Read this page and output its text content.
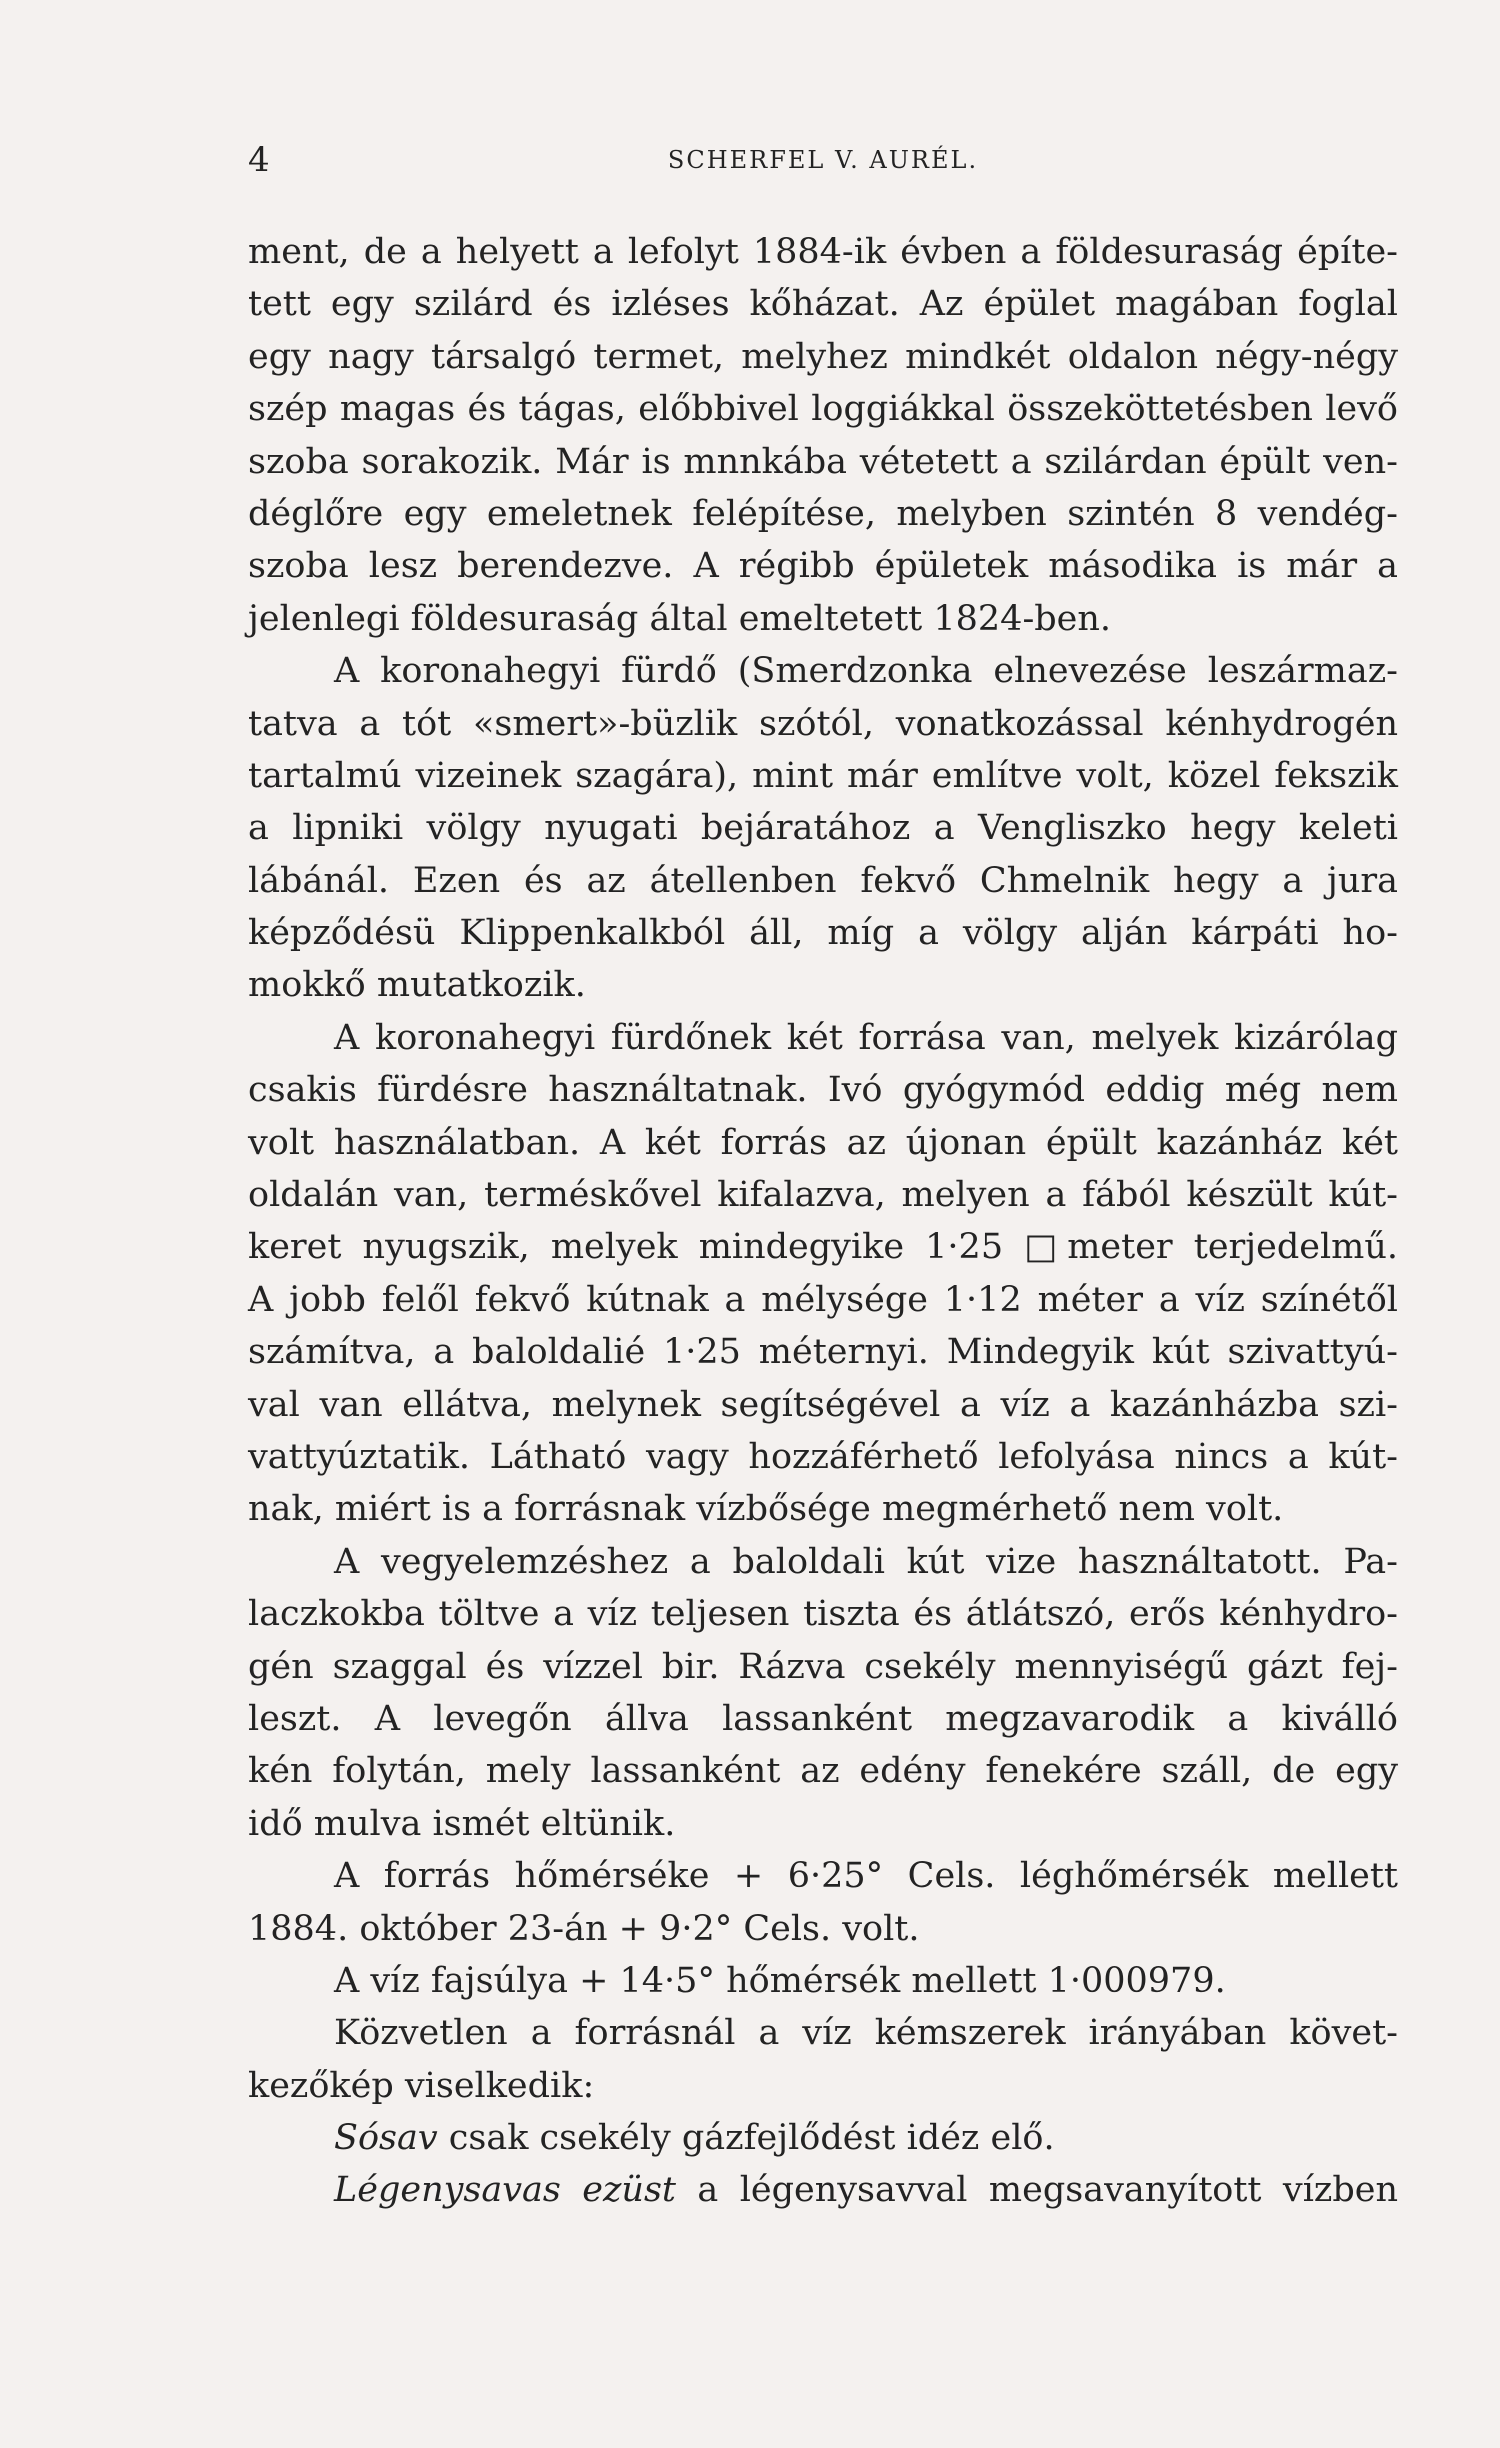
4	SCHERFEL V. AURÉL.
ment, de a helyett a lefolyt 1884-ik évben a földesuraság építe-
tett egy szilárd és izléses kőházat. Az épület magában foglal
egy nagy társalgó termet, melyhez mindkét oldalon négy-négy
szép magas és tágas, előbbivel loggiákkal összeköttetésben levő
szoba sorakozik. Már is mnnkába vétetett a szilárdan épült ven-
déglőre egy emeletnek felépítése, melyben szintén 8 vendég-
szoba lesz berendezve. A régibb épületek másodika is már a
jelenlegi földesuraság által emeltetett 1824-ben.
A koronahegyi fürdő (Smerdzonka elnevezése leszármaz-
tatva a tót «smert»-büzlik szótól, vonatkozással kénhydrogén
tartalmú vizeinek szagára), mint már említve volt, közel fekszik
a lipniki völgy nyugati bejáratához a Vengliszko hegy keleti
lábánál. Ezen és az átellenben fekvő Chmelnik hegy a jura
képződésü Klippenkalkból áll, míg a völgy alján kárpáti ho-
mokkő mutatkozik.
A koronahegyi fürdőnek két forrása van, melyek kizárólag
csakis fürdésre használtatnak. Ivó gyógymód eddig még nem
volt használatban. A két forrás az újonan épült kazánház két
oldalán van, terméskővel kifalazva, melyen a fából készült kút-
keret nyugszik, melyek mindegyike 1·25 □meter terjedelmű.
A jobb felől fekvő kútnak a mélysége 1·12 méter a víz színétől
számítva, a baloldalié 1·25 méternyi. Mindegyik kút szivattyú-
val van ellátva, melynek segítségével a víz a kazánházba szi-
vattyúztatik. Látható vagy hozzáférhető lefolyása nincs a kút-
nak, miért is a forrásnak vízbősége megmérhető nem volt.
A vegyelemzéshez a baloldali kút vize használtatott. Pa-
laczkokba töltve a víz teljesen tiszta és átlátszó, erős kénhydro-
gén szaggal és vízzel bir. Rázva csekély mennyiségű gázt fej-
leszt. A levegőn állva lassanként megzavarodik a kiválló
kén folytán, mely lassanként az edény fenekére száll, de egy
idő mulva ismét eltünik.
A forrás hőmérséke + 6·25° Cels. léghőmérsék mellett
1884. október 23-án + 9·2° Cels. volt.
A víz fajsúlya + 14·5° hőmérsék mellett 1·000979.
Közvetlen a forrásnál a víz kémszerek irányában követ-
kezőkép viselkedik:
Sósav csak csekély gázfejlődést idéz elő.
Légenysavas ezüst a légenysavval megsavanyított vízben
